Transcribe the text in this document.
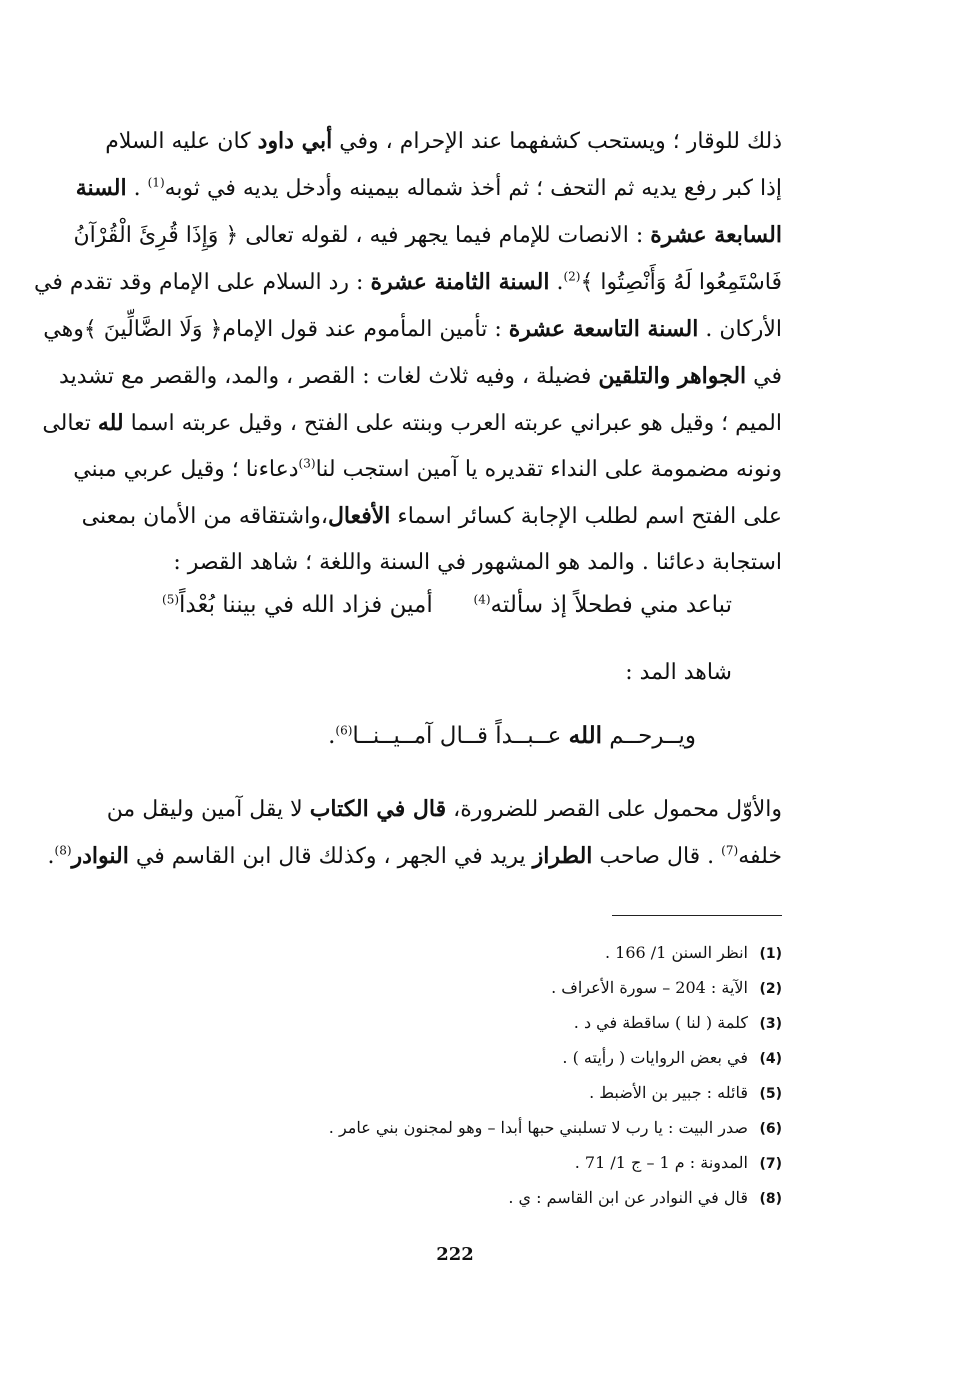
ذلك للوقار ؛ ويستحب كشفهما عند الإحرام ، وفي أبي داود كان عليه السلام
إذا كبر رفع يديه ثم التحف ؛ ثم أخذ شماله بيمينه وأدخل يديه في ثوبه$^{(1)}$ . السنة
السابعة عشرة : الانصات للإمام فيما يجهر فيه ، لقوله تعالى ﴿ وَإِذَا قُرِئَ الْقُرْآنُ
فَاسْتَمِعُوا لَهُ وَأَنْصِتُوا ﴾$^{(2)}$. السنة الثامنة عشرة : رد السلام على الإمام وقد تقدم في
الأركان . السنة التاسعة عشرة : تأمين المأموم عند قول الإمام﴿ وَلَا الضَّالِّينَ ﴾وهي
في الجواهر والتلقين فضيلة ، وفيه ثلاث لغات : القصر ، والمد، والقصر مع تشديد
الميم ؛ وقيل هو عبراني عربته العرب وبنته على الفتح ، وقيل عربته اسما لله تعالى
ونونه مضمومة على النداء تقديره يا آمين استجب لنا$^{(3)}$دعاءنا ؛ وقيل عربي مبني
على الفتح اسم لطلب الإجابة كسائر اسماء الأفعال،واشتقاقه من الأمان بمعنى
استجابة دعائنا . والمد هو المشهور في السنة واللغة ؛ شاهد القصر :
تباعد مني فطحلاً إذ سألته$^{(4)}$
أمين فزاد الله في بيننا بُعْداً$^{(5)}$
شاهد المد :
ويــرحــم الله عــبــداً قــال آمــيــنــا$^{(6)}$.
والأوّل محمول على القصر للضرورة، قال في الكتاب لا يقل آمين وليقل من
خلفه$^{(7)}$ . قال صاحب الطراز يريد في الجهر ، وكذلك قال ابن القاسم في النوادر$^{(8)}$.
(1)انظر السنن 1/ 166 .
(2)الآية : 204 – سورة الأعراف .
(3)كلمة ( لنا ) ساقطة في د .
(4)في بعض الروايات ( رأيته ) .
(5)قائله : جبير بن الأضبط .
(6)صدر البيت : يا رب لا تسلبني حبها أبدا – وهو لمجنون بني عامر .
(7)المدونة : م 1 – ج 1/ 71 .
(8)قال في النوادر عن ابن القاسم : ي .
222
